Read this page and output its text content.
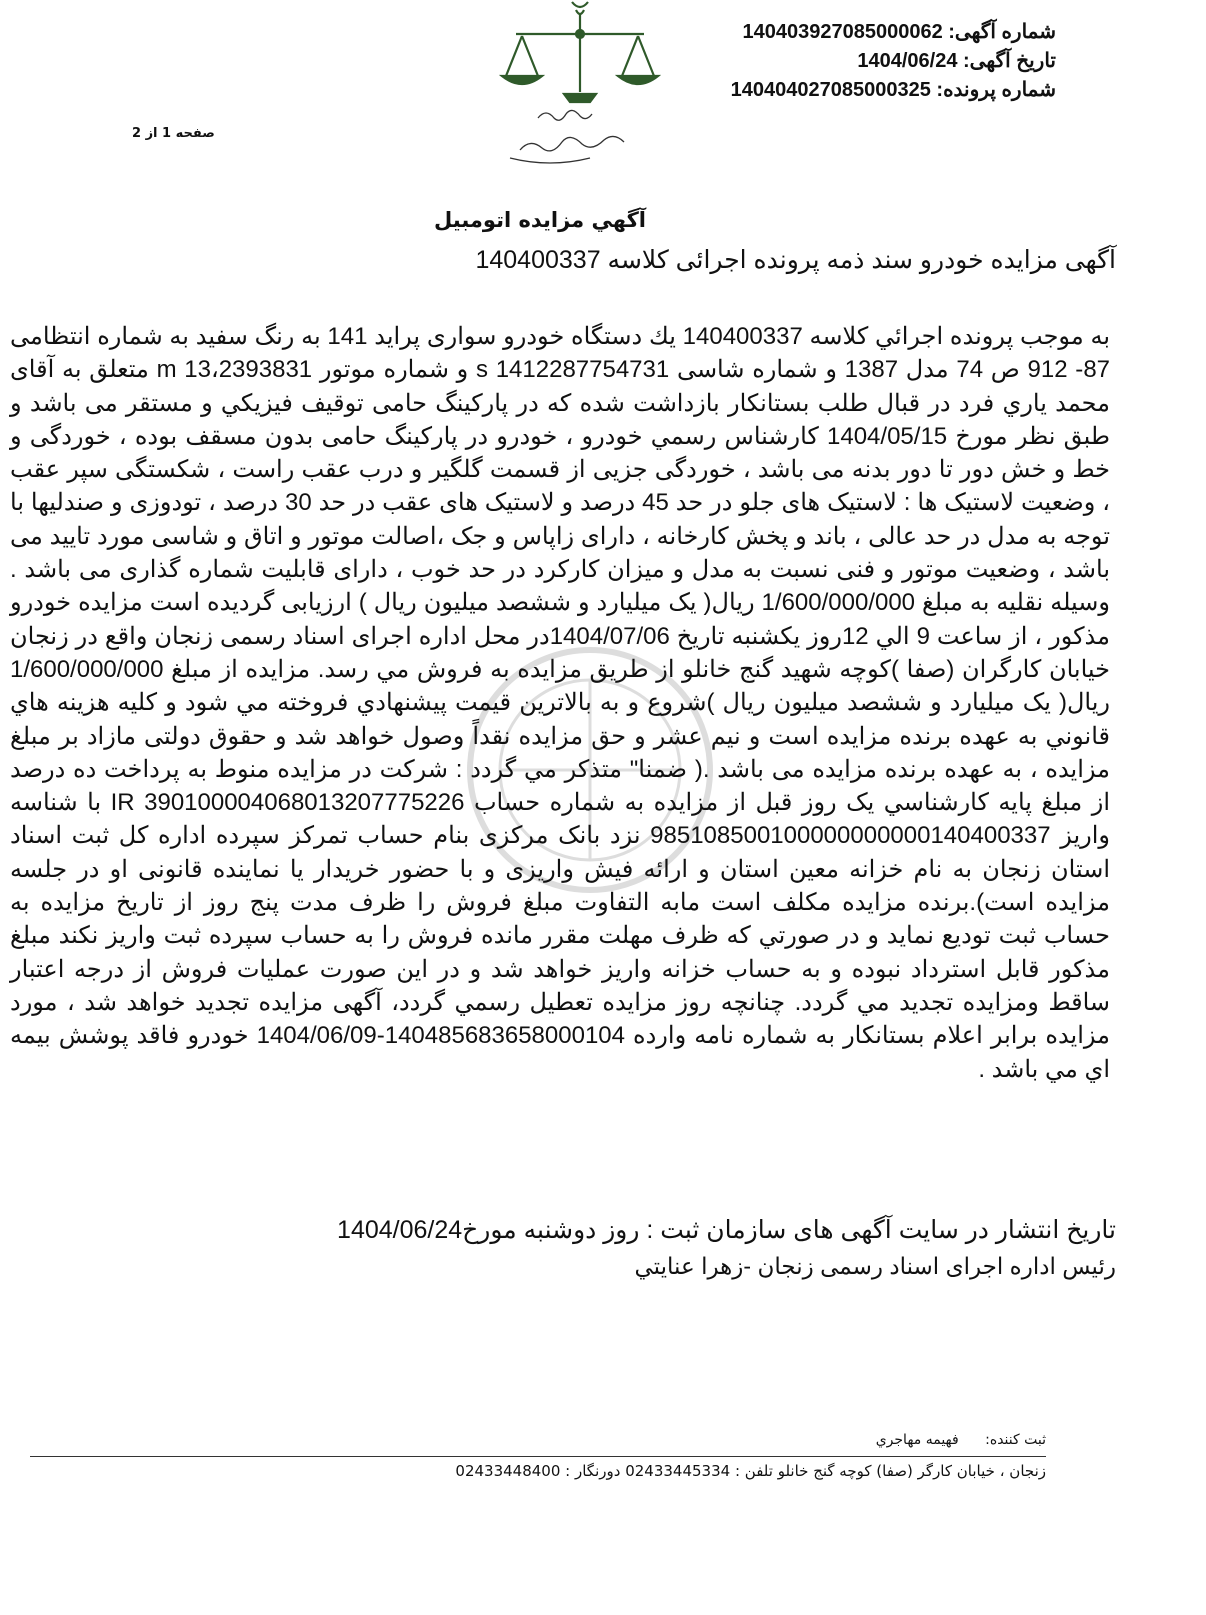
شماره آگهی: 140403927085000062
تاریخ آگهی: 1404/06/24
شماره پرونده: 140404027085000325
صفحه 1 از 2
آگهي مزايده اتومبيل
آگهی مزایده خودرو سند ذمه پرونده اجرائی کلاسه 140400337
به موجب پرونده اجرائي كلاسه 140400337 يك دستگاه خودرو سواری پراید 141 به رنگ سفید به شماره انتظامی 87- 912 ص 74 مدل 1387 و شماره شاسی 1412287754731 s و شماره موتور m 13،2393831 متعلق به آقای محمد یاري فرد در قبال طلب بستانکار بازداشت شده که در پارکینگ حامی توقیف فیزیكي و مستقر می باشد و طبق نظر مورخ 1404/05/15 کارشناس رسمي خودرو ، خودرو در پارکینگ حامی بدون مسقف بوده ، خوردگی و خط و خش دور تا دور بدنه می باشد ، خوردگی جزیی از قسمت گلگیر و درب عقب راست ، شکستگی سپر عقب ، وضعیت لاستیک ها : لاستیک های جلو در حد 45 درصد و لاستیک های عقب در حد 30 درصد ، تودوزی و صندلیها با توجه به مدل در حد عالی ، باند و پخش کارخانه ، دارای زاپاس و جک ،اصالت موتور و اتاق و شاسی مورد تایید می باشد ، وضعیت موتور و فنی نسبت به مدل و میزان کارکرد در حد خوب ، دارای قابلیت شماره گذاری می باشد . وسیله نقلیه به مبلغ 1/600/000/000 ریال( یک میلیارد و ششصد میلیون ریال ) ارزیابی گردیده است مزايده خودرو مذكور ، از ساعت 9 الي 12روز يكشنبه تاريخ 1404/07/06در محل اداره اجرای اسناد رسمی زنجان واقع در زنجان خیابان کارگران (صفا )کوچه شهید گنج خانلو از طريق مزايده به فروش مي رسد. مزايده از مبلغ 1/600/000/000 ریال( یک میلیارد و ششصد میلیون ریال )شروع و به بالاترين قيمت پيشنهادي فروخته مي شود و كليه هزينه هاي قانوني به عهده برنده مزايده است و نيم عشر و حق مزايده نقداً وصول خواهد شد و حقوق دولتی مازاد بر مبلغ مزایده ، به عهده برنده مزایده می باشد .( ضمنا" متذكر مي گردد : شرکت در مزایده منوط به پرداخت ده درصد از مبلغ پایه کارشناسي یک روز قبل از مزایده به شماره حساب IR 390100004068013207775226 با شناسه واریز 985108500100000000000140400337 نزد بانک مرکزی بنام حساب تمرکز سپرده اداره کل ثبت اسناد استان زنجان به نام خزانه معین استان و ارائه فیش واریزی و با حضور خریدار یا نماینده قانونی او در جلسه مزایده است).برنده مزايده مكلف است مابه التفاوت مبلغ فروش را ظرف مدت پنج روز از تاريخ مزايده به حساب ثبت توديع نمايد و در صورتي كه ظرف مهلت مقرر مانده فروش را به حساب سپرده ثبت واريز نكند مبلغ مذكور قابل استرداد نبوده و به حساب خزانه واريز خواهد شد و در اين صورت عمليات فروش از درجه اعتبار ساقط ومزايده تجديد مي گردد. چنانچه روز مزايده تعطيل رسمي گردد، آگهی مزایده تجدید خواهد شد ، مورد مزایده برابر اعلام بستانکار به شماره نامه وارده 140485683658000104-1404/06/09 خودرو فاقد پوشش بیمه اي مي باشد .
تاریخ انتشار در سایت آگهی های سازمان ثبت : روز دوشنبه مورخ1404/06/24
رئیس اداره اجرای اسناد رسمی زنجان -زهرا عنایتي
ثبت کننده: فهيمه مهاجري
زنجان ، خیابان کارگر (صفا) کوچه گنج خانلو تلفن : 02433445334 دورنگار : 02433448400
